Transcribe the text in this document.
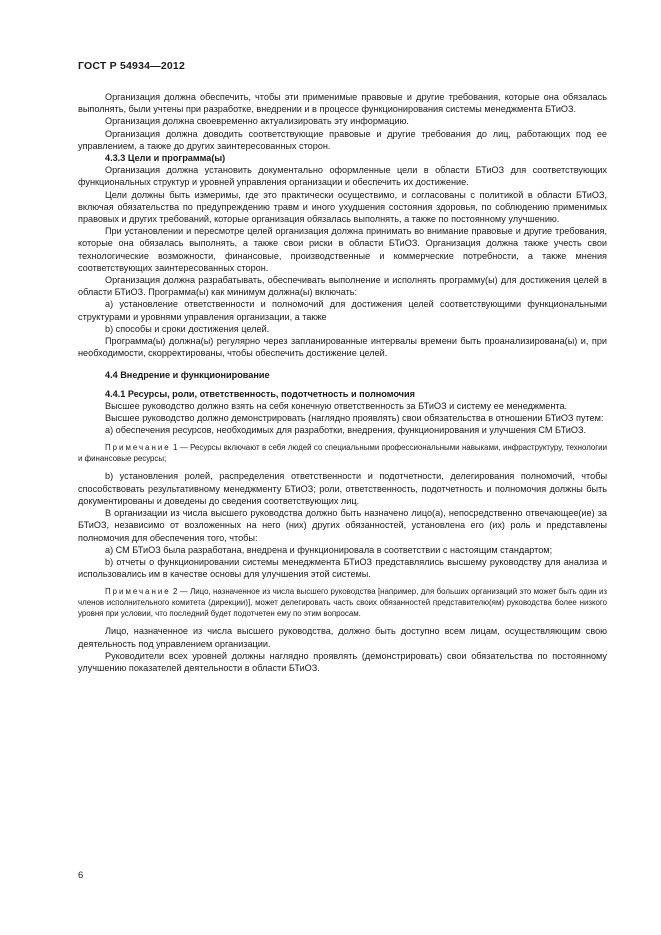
ГОСТ Р 54934—2012

Организация должна обеспечить, чтобы эти применимые правовые и другие требования, которые она обязалась выполнять, были учтены при разработке, внедрении и в процессе функционирования системы менеджмента БТиОЗ.

Организация должна своевременно актуализировать эту информацию.

Организация должна доводить соответствующие правовые и другие требования до лиц, работающих под ее управлением, а также до других заинтересованных сторон.

4.3.3 Цели и программа(ы)

Организация должна установить документально оформленные цели в области БТиОЗ для соответствующих функциональных структур и уровней управления организации и обеспечить их достижение.

Цели должны быть измеримы, где это практически осуществимо, и согласованы с политикой в области БТиОЗ, включая обязательства по предупреждению травм и иного ухудшения состояния здоровья, по соблюдению применимых правовых и других требований, которые организация обязалась выполнять, а также по постоянному улучшению.

При установлении и пересмотре целей организация должна принимать во внимание правовые и другие требования, которые она обязалась выполнять, а также свои риски в области БТиОЗ. Организация должна также учесть свои технологические возможности, финансовые, производственные и коммерческие потребности, а также мнения соответствующих заинтересованных сторон.

Организация должна разрабатывать, обеспечивать выполнение и исполнять программу(ы) для достижения целей в области БТиОЗ. Программа(ы) как минимум должна(ы) включать:

а) установление ответственности и полномочий для достижения целей соответствующими функциональными структурами и уровнями управления организации, а также

b) способы и сроки достижения целей.

Программа(ы) должна(ы) регулярно через запланированные интервалы времени быть проанализирована(ы) и, при необходимости, скорректированы, чтобы обеспечить достижение целей.

4.4 Внедрение и функционирование

4.4.1 Ресурсы, роли, ответственность, подотчетность и полномочия

Высшее руководство должно взять на себя конечную ответственность за БТиОЗ и систему ее менеджмента.

Высшее руководство должно демонстрировать (наглядно проявлять) свои обязательства в отношении БТиОЗ путем:

а) обеспечения ресурсов, необходимых для разработки, внедрения, функционирования и улучшения СМ БТиОЗ.

Примечание 1 — Ресурсы включают в себя людей со специальными профессиональными навыками, инфраструктуру, технологии и финансовые ресурсы;

b) установления ролей, распределения ответственности и подотчетности, делегирования полномочий, чтобы способствовать результативному менеджменту БТиОЗ; роли, ответственность, подотчетность и полномочия должны быть документированы и доведены до сведения соответствующих лиц.

В организации из числа высшего руководства должно быть назначено лицо(а), непосредственно отвечающее(ие) за БТиОЗ, независимо от возложенных на него (них) других обязанностей, установлена его (их) роль и представлены полномочия для обеспечения того, чтобы:

а) СМ БТиОЗ была разработана, внедрена и функционировала в соответствии с настоящим стандартом;

b) отчеты о функционировании системы менеджмента БТиОЗ представлялись высшему руководству для анализа и использовались им в качестве основы для улучшения этой системы.

Примечание 2 — Лицо, назначенное из числа высшего руководства [например, для больших организаций это может быть один из членов исполнительного комитета (дирекции)], может делегировать часть своих обязанностей представителю(ям) руководства более низкого уровня при условии, что последний будет подотчетен ему по этим вопросам.

Лицо, назначенное из числа высшего руководства, должно быть доступно всем лицам, осуществляющим свою деятельность под управлением организации.

Руководители всех уровней должны наглядно проявлять (демонстрировать) свои обязательства по постоянному улучшению показателей деятельности в области БТиОЗ.

6
